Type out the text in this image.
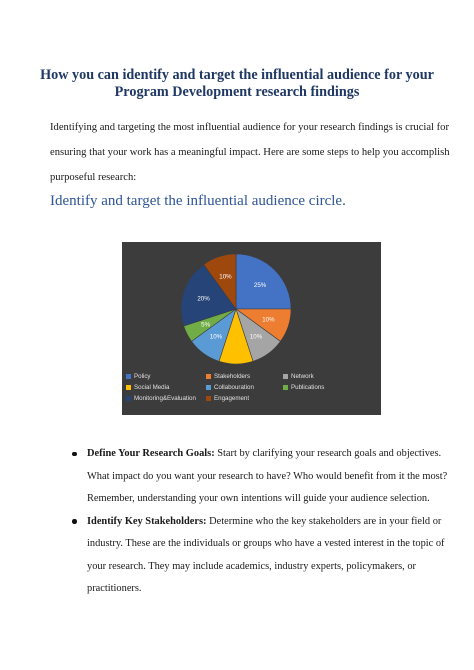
How you can identify and target the influential audience for your
Program Development research findings
Identifying and targeting the most influential audience for your research findings is crucial for
ensuring that your work has a meaningful impact. Here are some steps to help you accomplish
purposeful research:
Identify and target the influential audience circle.
25%
10%
10%
10%
5%
20%
10%
Policy	Stakeholders	Network
Social Media	Collabouration	Publications
Monitoring&Evaluation	Engagement
Define Your Research Goals: Start by clarifying your research goals and objectives.
What impact do you want your research to have? Who would benefit from it the most?
Remember, understanding your own intentions will guide your audience selection.
Identify Key Stakeholders: Determine who the key stakeholders are in your field or
industry. These are the individuals or groups who have a vested interest in the topic of
your research. They may include academics, industry experts, policymakers, or
practitioners.
